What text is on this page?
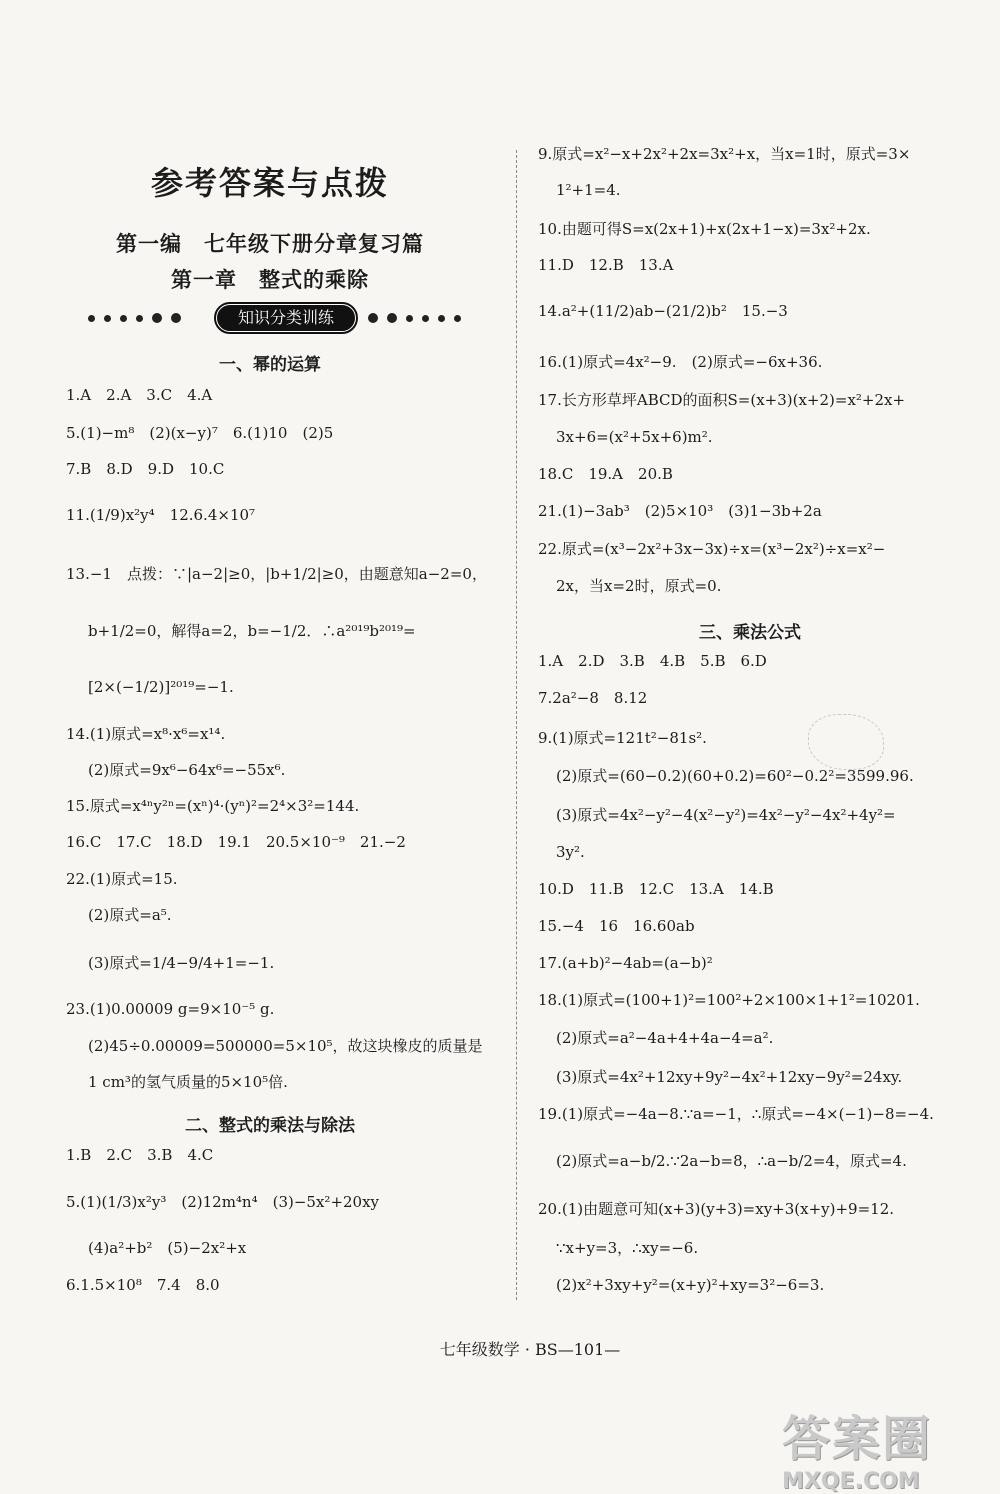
参考答案与点拨
第一编　七年级下册分章复习篇
第一章　整式的乘除
知识分类训练
一、幂的运算
二、整式的乘法与除法
三、乘法公式
1.A　2.A　3.C　4.A
5.(1)−m⁸　(2)(x−y)⁷　6.(1)10　(2)5
7.B　8.D　9.D　10.C
11.(1/9)x²y⁴　12.6.4×10⁷
13.−1　点拨：∵|a−2|≥0，|b+1/2|≥0，由题意知a−2=0，
b+1/2=0，解得a=2，b=−1/2．∴a²⁰¹⁹b²⁰¹⁹=
[2×(−1/2)]²⁰¹⁹=−1.
14.(1)原式=x⁸·x⁶=x¹⁴.
(2)原式=9x⁶−64x⁶=−55x⁶.
15.原式=x⁴ⁿy²ⁿ=(xⁿ)⁴·(yⁿ)²=2⁴×3²=144.
16.C　17.C　18.D　19.1　20.5×10⁻⁹　21.−2
22.(1)原式=15.
(2)原式=a⁵.
(3)原式=1/4−9/4+1=−1.
23.(1)0.00009 g=9×10⁻⁵ g.
(2)45÷0.00009=500000=5×10⁵，故这块橡皮的质量是
1 cm³的氢气质量的5×10⁵倍.
1.B　2.C　3.B　4.C
5.(1)(1/3)x²y³　(2)12m⁴n⁴　(3)−5x²+20xy
(4)a²+b²　(5)−2x²+x
6.1.5×10⁸　7.4　8.0
9.原式=x²−x+2x²+2x=3x²+x，当x=1时，原式=3×
1²+1=4.
10.由题可得S=x(2x+1)+x(2x+1−x)=3x²+2x.
11.D　12.B　13.A
14.a²+(11/2)ab−(21/2)b²　15.−3
16.(1)原式=4x²−9.　(2)原式=−6x+36.
17.长方形草坪ABCD的面积S=(x+3)(x+2)=x²+2x+
3x+6=(x²+5x+6)m².
18.C　19.A　20.B
21.(1)−3ab³　(2)5×10³　(3)1−3b+2a
22.原式=(x³−2x²+3x−3x)÷x=(x³−2x²)÷x=x²−
2x，当x=2时，原式=0.
1.A　2.D　3.B　4.B　5.B　6.D
7.2a²−8　8.12
9.(1)原式=121t²−81s².
(2)原式=(60−0.2)(60+0.2)=60²−0.2²=3599.96.
(3)原式=4x²−y²−4(x²−y²)=4x²−y²−4x²+4y²=
3y².
10.D　11.B　12.C　13.A　14.B
15.−4　16　16.60ab
17.(a+b)²−4ab=(a−b)²
18.(1)原式=(100+1)²=100²+2×100×1+1²=10201.
(2)原式=a²−4a+4+4a−4=a².
(3)原式=4x²+12xy+9y²−4x²+12xy−9y²=24xy.
19.(1)原式=−4a−8.∵a=−1，∴原式=−4×(−1)−8=−4.
(2)原式=a−b/2.∵2a−b=8，∴a−b/2=4，原式=4.
20.(1)由题意可知(x+3)(y+3)=xy+3(x+y)+9=12.
∵x+y=3，∴xy=−6.
(2)x²+3xy+y²=(x+y)²+xy=3²−6=3.
七年级数学 · BS—101—
答案圈
MXQE.COM
